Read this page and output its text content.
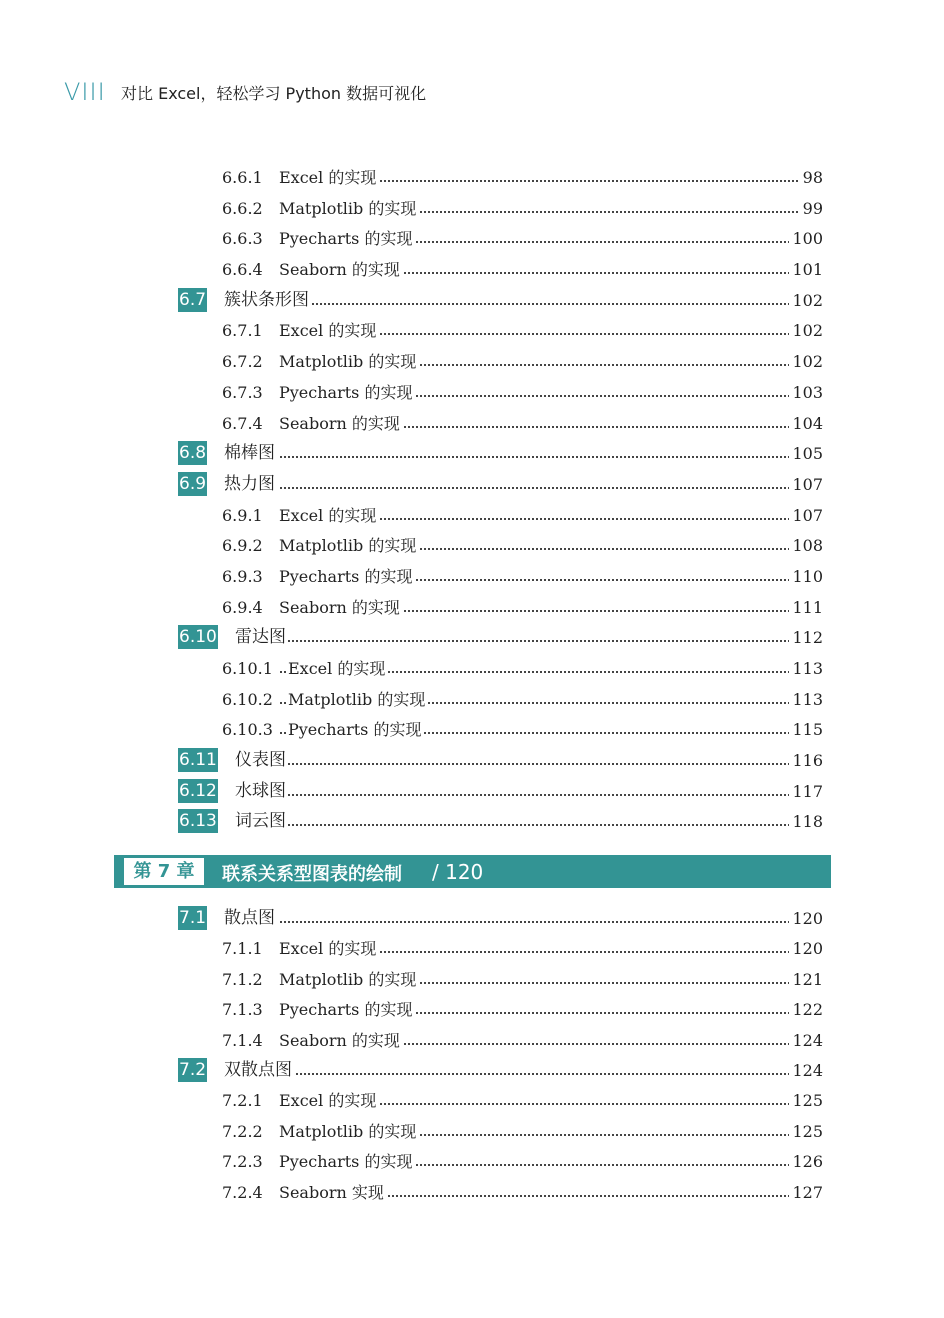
VIII 对比 Excel，轻松学习 Python 数据可视化
6.6.1 Excel 的实现	98
6.6.2 Matplotlib 的实现	99
6.6.3 Pyecharts 的实现	100
6.6.4 Seaborn 的实现	101
6.7 簇状条形图	102
6.7.1 Excel 的实现	102
6.7.2 Matplotlib 的实现	102
6.7.3 Pyecharts 的实现	103
6.7.4 Seaborn 的实现	104
6.8 棉棒图	105
6.9 热力图	107
6.9.1 Excel 的实现	107
6.9.2 Matplotlib 的实现	108
6.9.3 Pyecharts 的实现	110
6.9.4 Seaborn 的实现	111
6.10 雷达图	112
6.10.1 Excel 的实现	113
6.10.2 Matplotlib 的实现	113
6.10.3 Pyecharts 的实现	115
6.11 仪表图	116
6.12 水球图	117
6.13 词云图	118
第 7 章	联系关系型图表的绘制 / 120
7.1 散点图	120
7.1.1 Excel 的实现	120
7.1.2 Matplotlib 的实现	121
7.1.3 Pyecharts 的实现	122
7.1.4 Seaborn 的实现	124
7.2 双散点图	124
7.2.1 Excel 的实现	125
7.2.2 Matplotlib 的实现	125
7.2.3 Pyecharts 的实现	126
7.2.4 Seaborn 实现	127
